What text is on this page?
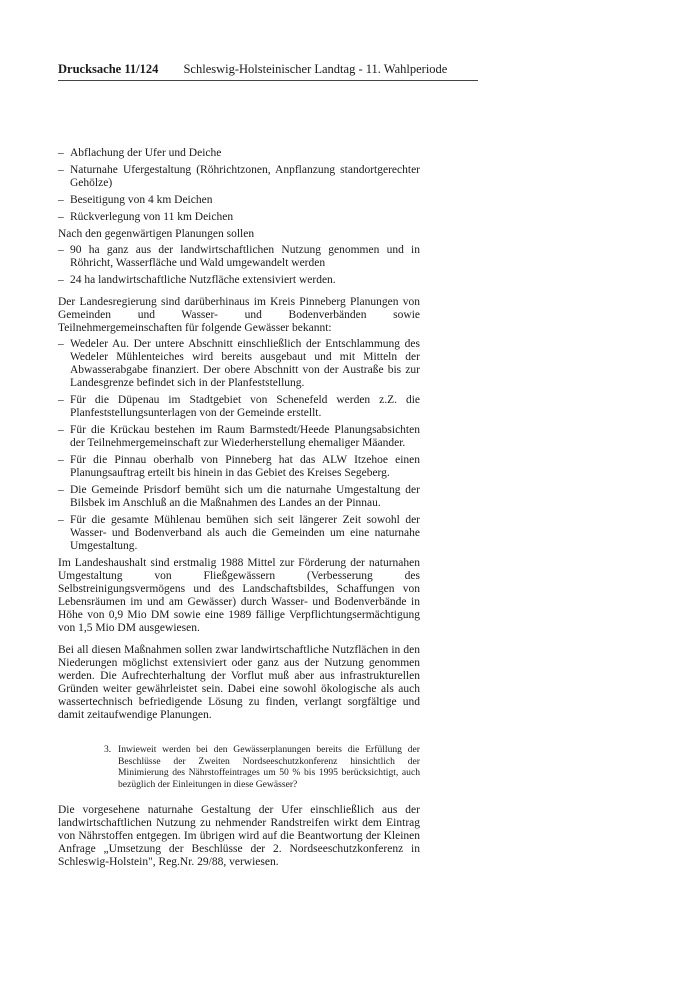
Drucksache 11/124 Schleswig-Holsteinischer Landtag - 11. Wahlperiode
– Abflachung der Ufer und Deiche
– Naturnahe Ufergestaltung (Röhrichtzonen, Anpflanzung standortgerechter Gehölze)
– Beseitigung von 4 km Deichen
– Rückverlegung von 11 km Deichen

Nach den gegenwärtigen Planungen sollen

– 90 ha ganz aus der landwirtschaftlichen Nutzung genommen und in Röhricht, Wasserfläche und Wald umgewandelt werden
– 24 ha landwirtschaftliche Nutzfläche extensiviert werden.

Der Landesregierung sind darüberhinaus im Kreis Pinneberg Planungen von Gemeinden und Wasser- und Bodenverbänden sowie Teilnehmergemeinschaften für folgende Gewässer bekannt:

– Wedeler Au. Der untere Abschnitt einschließlich der Entschlammung des Wedeler Mühlenteiches wird bereits ausgebaut und mit Mitteln der Abwasserabgabe finanziert. Der obere Abschnitt von der Austraße bis zur Landesgrenze befindet sich in der Planfeststellung.
– Für die Düpenau im Stadtgebiet von Schenefeld werden z.Z. die Planfeststellungsunterlagen von der Gemeinde erstellt.
– Für die Krückau bestehen im Raum Barmstedt/Heede Planungsabsichten der Teilnehmergemeinschaft zur Wiederherstellung ehemaliger Mäander.
– Für die Pinnau oberhalb von Pinneberg hat das ALW Itzehoe einen Planungsauftrag erteilt bis hinein in das Gebiet des Kreises Segeberg.
– Die Gemeinde Prisdorf bemüht sich um die naturnahe Umgestaltung der Bilsbek im Anschluß an die Maßnahmen des Landes an der Pinnau.
– Für die gesamte Mühlenau bemühen sich seit längerer Zeit sowohl der Wasser- und Bodenverband als auch die Gemeinden um eine naturnahe Umgestaltung.

Im Landeshaushalt sind erstmalig 1988 Mittel zur Förderung der naturnahen Umgestaltung von Fließgewässern (Verbesserung des Selbstreinigungsvermögens und des Landschaftsbildes, Schaffungen von Lebensräumen im und am Gewässer) durch Wasser- und Bodenverbände in Höhe von 0,9 Mio DM sowie eine 1989 fällige Verpflichtungsermächtigung von 1,5 Mio DM ausgewiesen.

Bei all diesen Maßnahmen sollen zwar landwirtschaftliche Nutzflächen in den Niederungen möglichst extensiviert oder ganz aus der Nutzung genommen werden. Die Aufrechterhaltung der Vorflut muß aber aus infrastrukturellen Gründen weiter gewährleistet sein. Dabei eine sowohl ökologische als auch wassertechnisch befriedigende Lösung zu finden, verlangt sorgfältige und damit zeitaufwendige Planungen.

3. Inwieweit werden bei den Gewässerplanungen bereits die Erfüllung der Beschlüsse der Zweiten Nordseeschutzkonferenz hinsichtlich der Minimierung des Nährstoffeintrages um 50 % bis 1995 berücksichtigt, auch bezüglich der Einleitungen in diese Gewässer?

Die vorgesehene naturnahe Gestaltung der Ufer einschließlich aus der landwirtschaftlichen Nutzung zu nehmender Randstreifen wirkt dem Eintrag von Nährstoffen entgegen. Im übrigen wird auf die Beantwortung der Kleinen Anfrage „Umsetzung der Beschlüsse der 2. Nordseeschutzkonferenz in Schleswig-Holstein", Reg.Nr. 29/88, verwiesen.
